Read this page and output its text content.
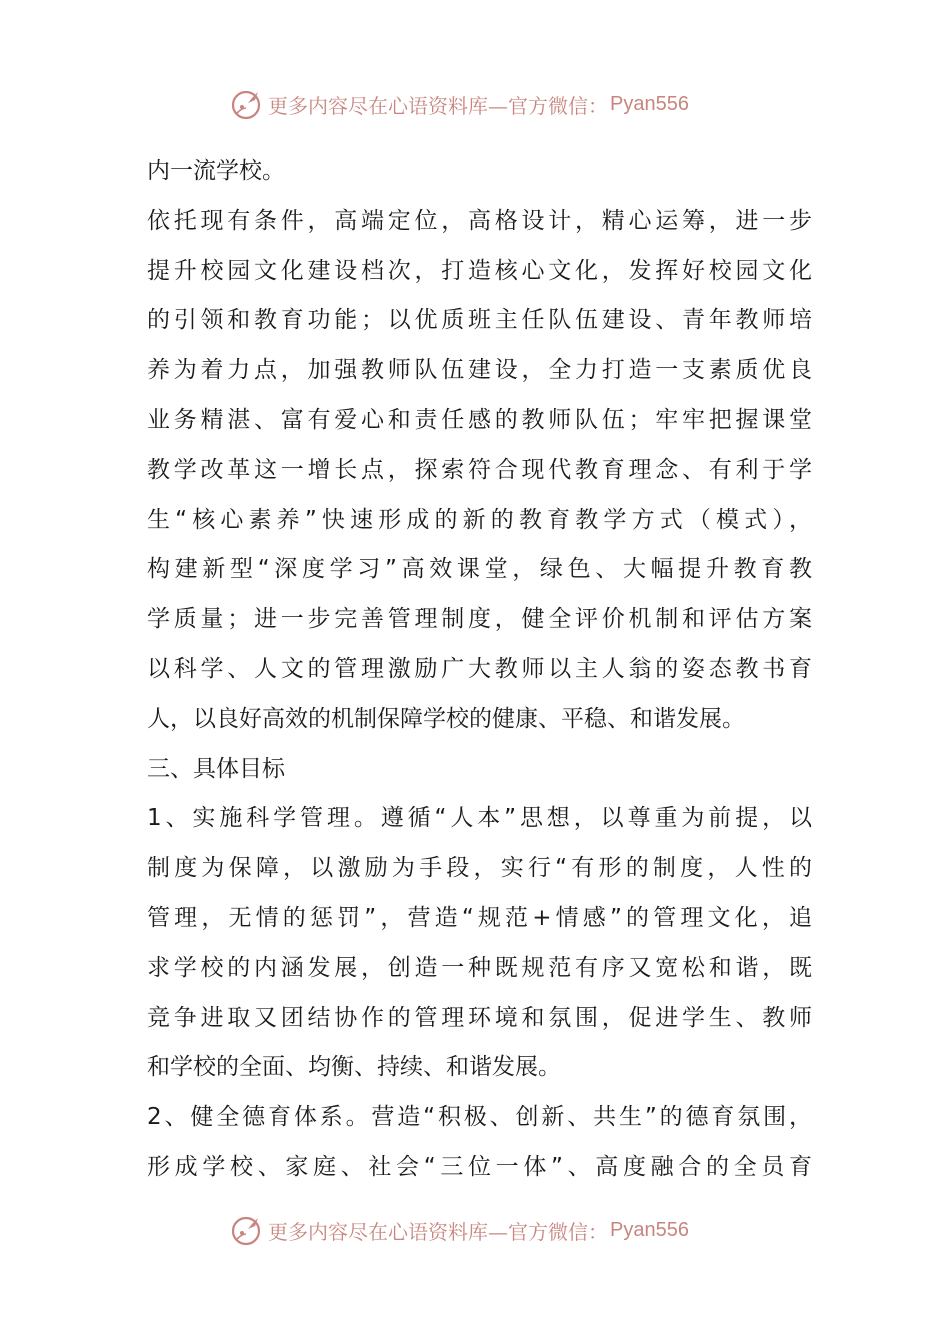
更多内容尽在心语资料库—官方微信： Pyan556
内一流学校。
依托现有条件，高端定位，高格设计，精心运筹，进一步
提升校园文化建设档次，打造核心文化，发挥好校园文化
的引领和教育功能；以优质班主任队伍建设、青年教师培
养为着力点，加强教师队伍建设，全力打造一支素质优良
业务精湛、富有爱心和责任感的教师队伍；牢牢把握课堂
教学改革这一增长点，探索符合现代教育理念、有利于学
生“核心素养”快速形成的新的教育教学方式（模式），
构建新型“深度学习”高效课堂，绿色、大幅提升教育教
学质量；进一步完善管理制度，健全评价机制和评估方案
以科学、人文的管理激励广大教师以主人翁的姿态教书育
人，以良好高效的机制保障学校的健康、平稳、和谐发展。
三、具体目标
1、实施科学管理。遵循“人本”思想，以尊重为前提，以
制度为保障，以激励为手段，实行“有形的制度，人性的
管理，无情的惩罚”，营造“规范+情感”的管理文化，追
求学校的内涵发展，创造一种既规范有序又宽松和谐，既
竞争进取又团结协作的管理环境和氛围，促进学生、教师
和学校的全面、均衡、持续、和谐发展。
2、健全德育体系。营造“积极、创新、共生”的德育氛围，
形成学校、家庭、社会“三位一体”、高度融合的全员育
更多内容尽在心语资料库—官方微信： Pyan556
